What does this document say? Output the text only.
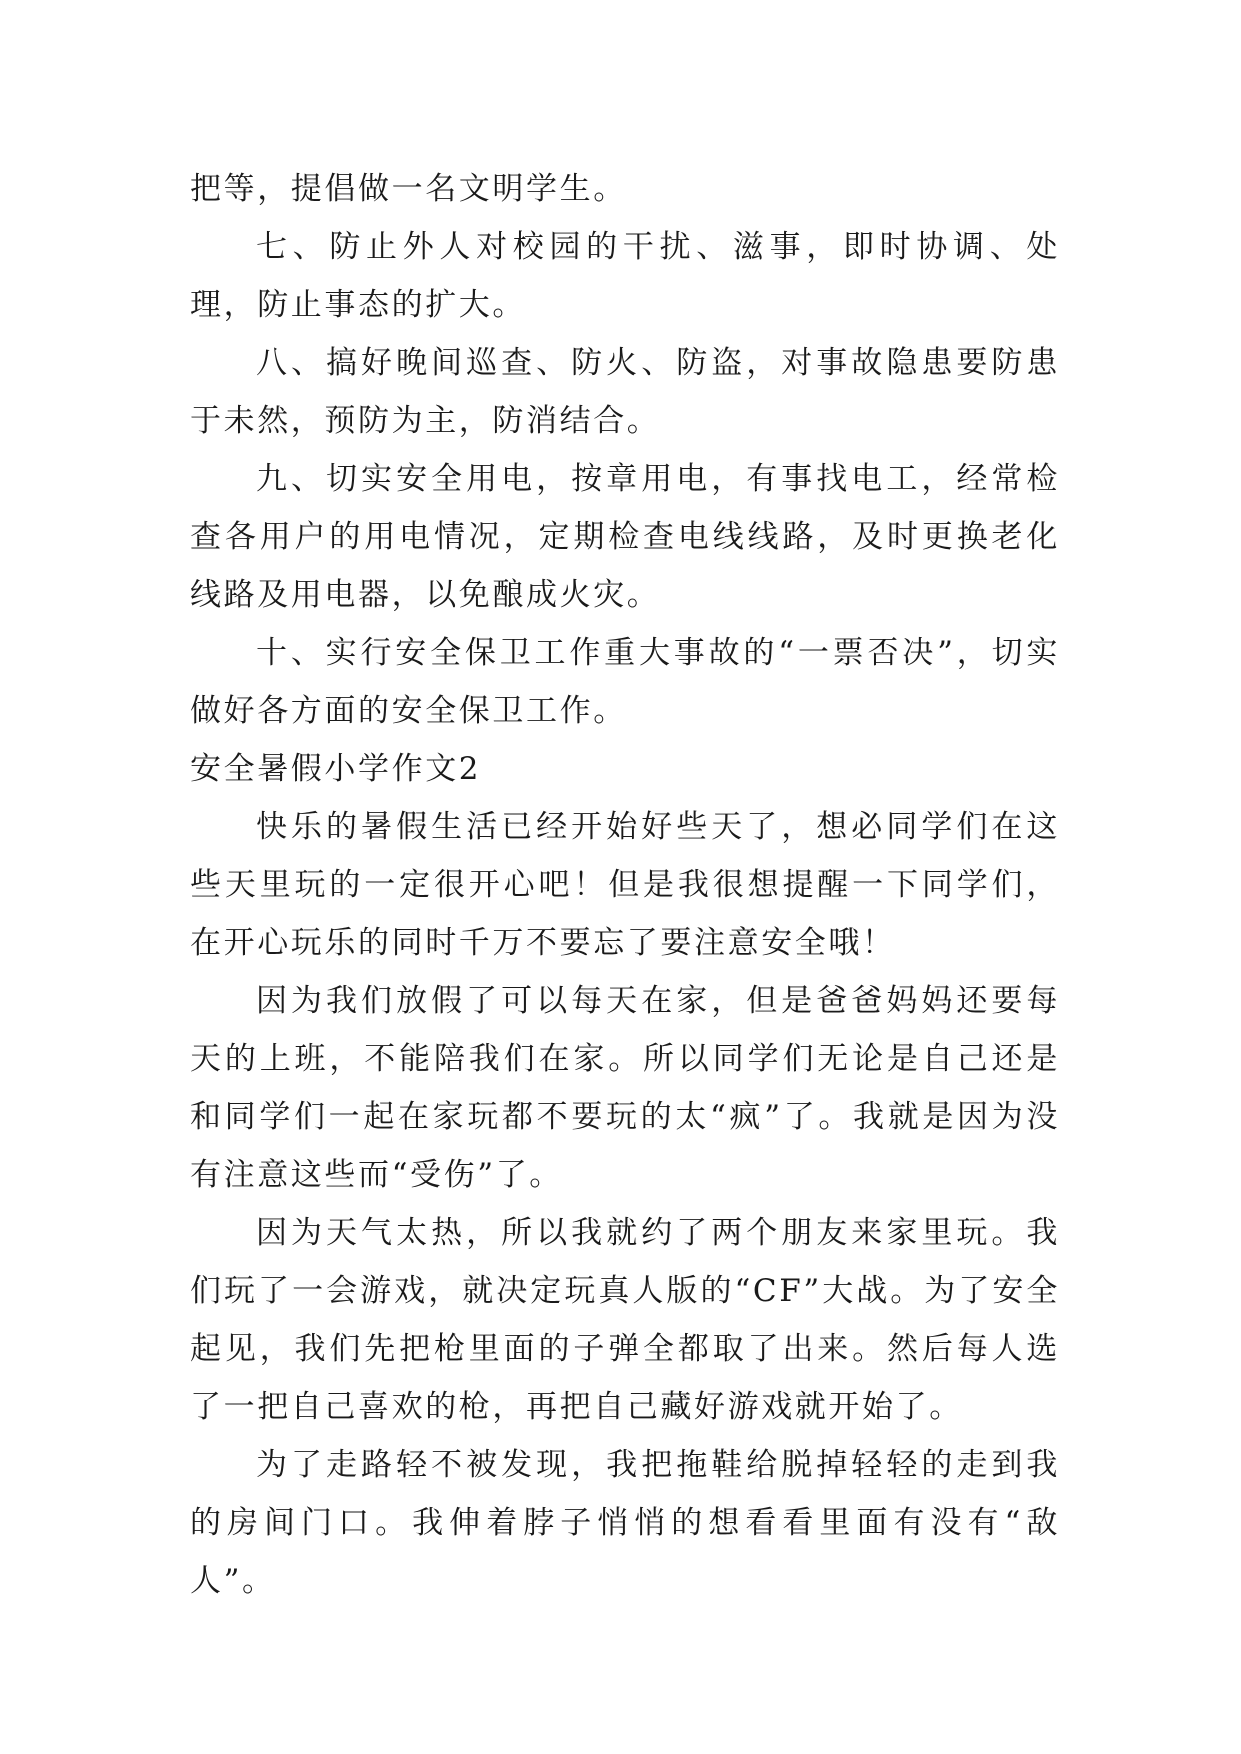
把等，提倡做一名文明学生。

七、防止外人对校园的干扰、滋事，即时协调、处理，防止事态的扩大。

八、搞好晚间巡查、防火、防盗，对事故隐患要防患于未然，预防为主，防消结合。

九、切实安全用电，按章用电，有事找电工，经常检查各用户的用电情况，定期检查电线线路，及时更换老化线路及用电器，以免酿成火灾。

十、实行安全保卫工作重大事故的“一票否决”，切实做好各方面的安全保卫工作。

安全暑假小学作文2

快乐的暑假生活已经开始好些天了，想必同学们在这些天里玩的一定很开心吧！但是我很想提醒一下同学们，在开心玩乐的同时千万不要忘了要注意安全哦！

因为我们放假了可以每天在家，但是爸爸妈妈还要每天的上班，不能陪我们在家。所以同学们无论是自己还是和同学们一起在家玩都不要玩的太“疯”了。我就是因为没有注意这些而“受伤”了。

因为天气太热，所以我就约了两个朋友来家里玩。我们玩了一会游戏，就决定玩真人版的“CF”大战。为了安全起见，我们先把枪里面的子弹全都取了出来。然后每人选了一把自己喜欢的枪，再把自己藏好游戏就开始了。

为了走路轻不被发现，我把拖鞋给脱掉轻轻的走到我的房间门口。我伸着脖子悄悄的想看看里面有没有“敌人”。
